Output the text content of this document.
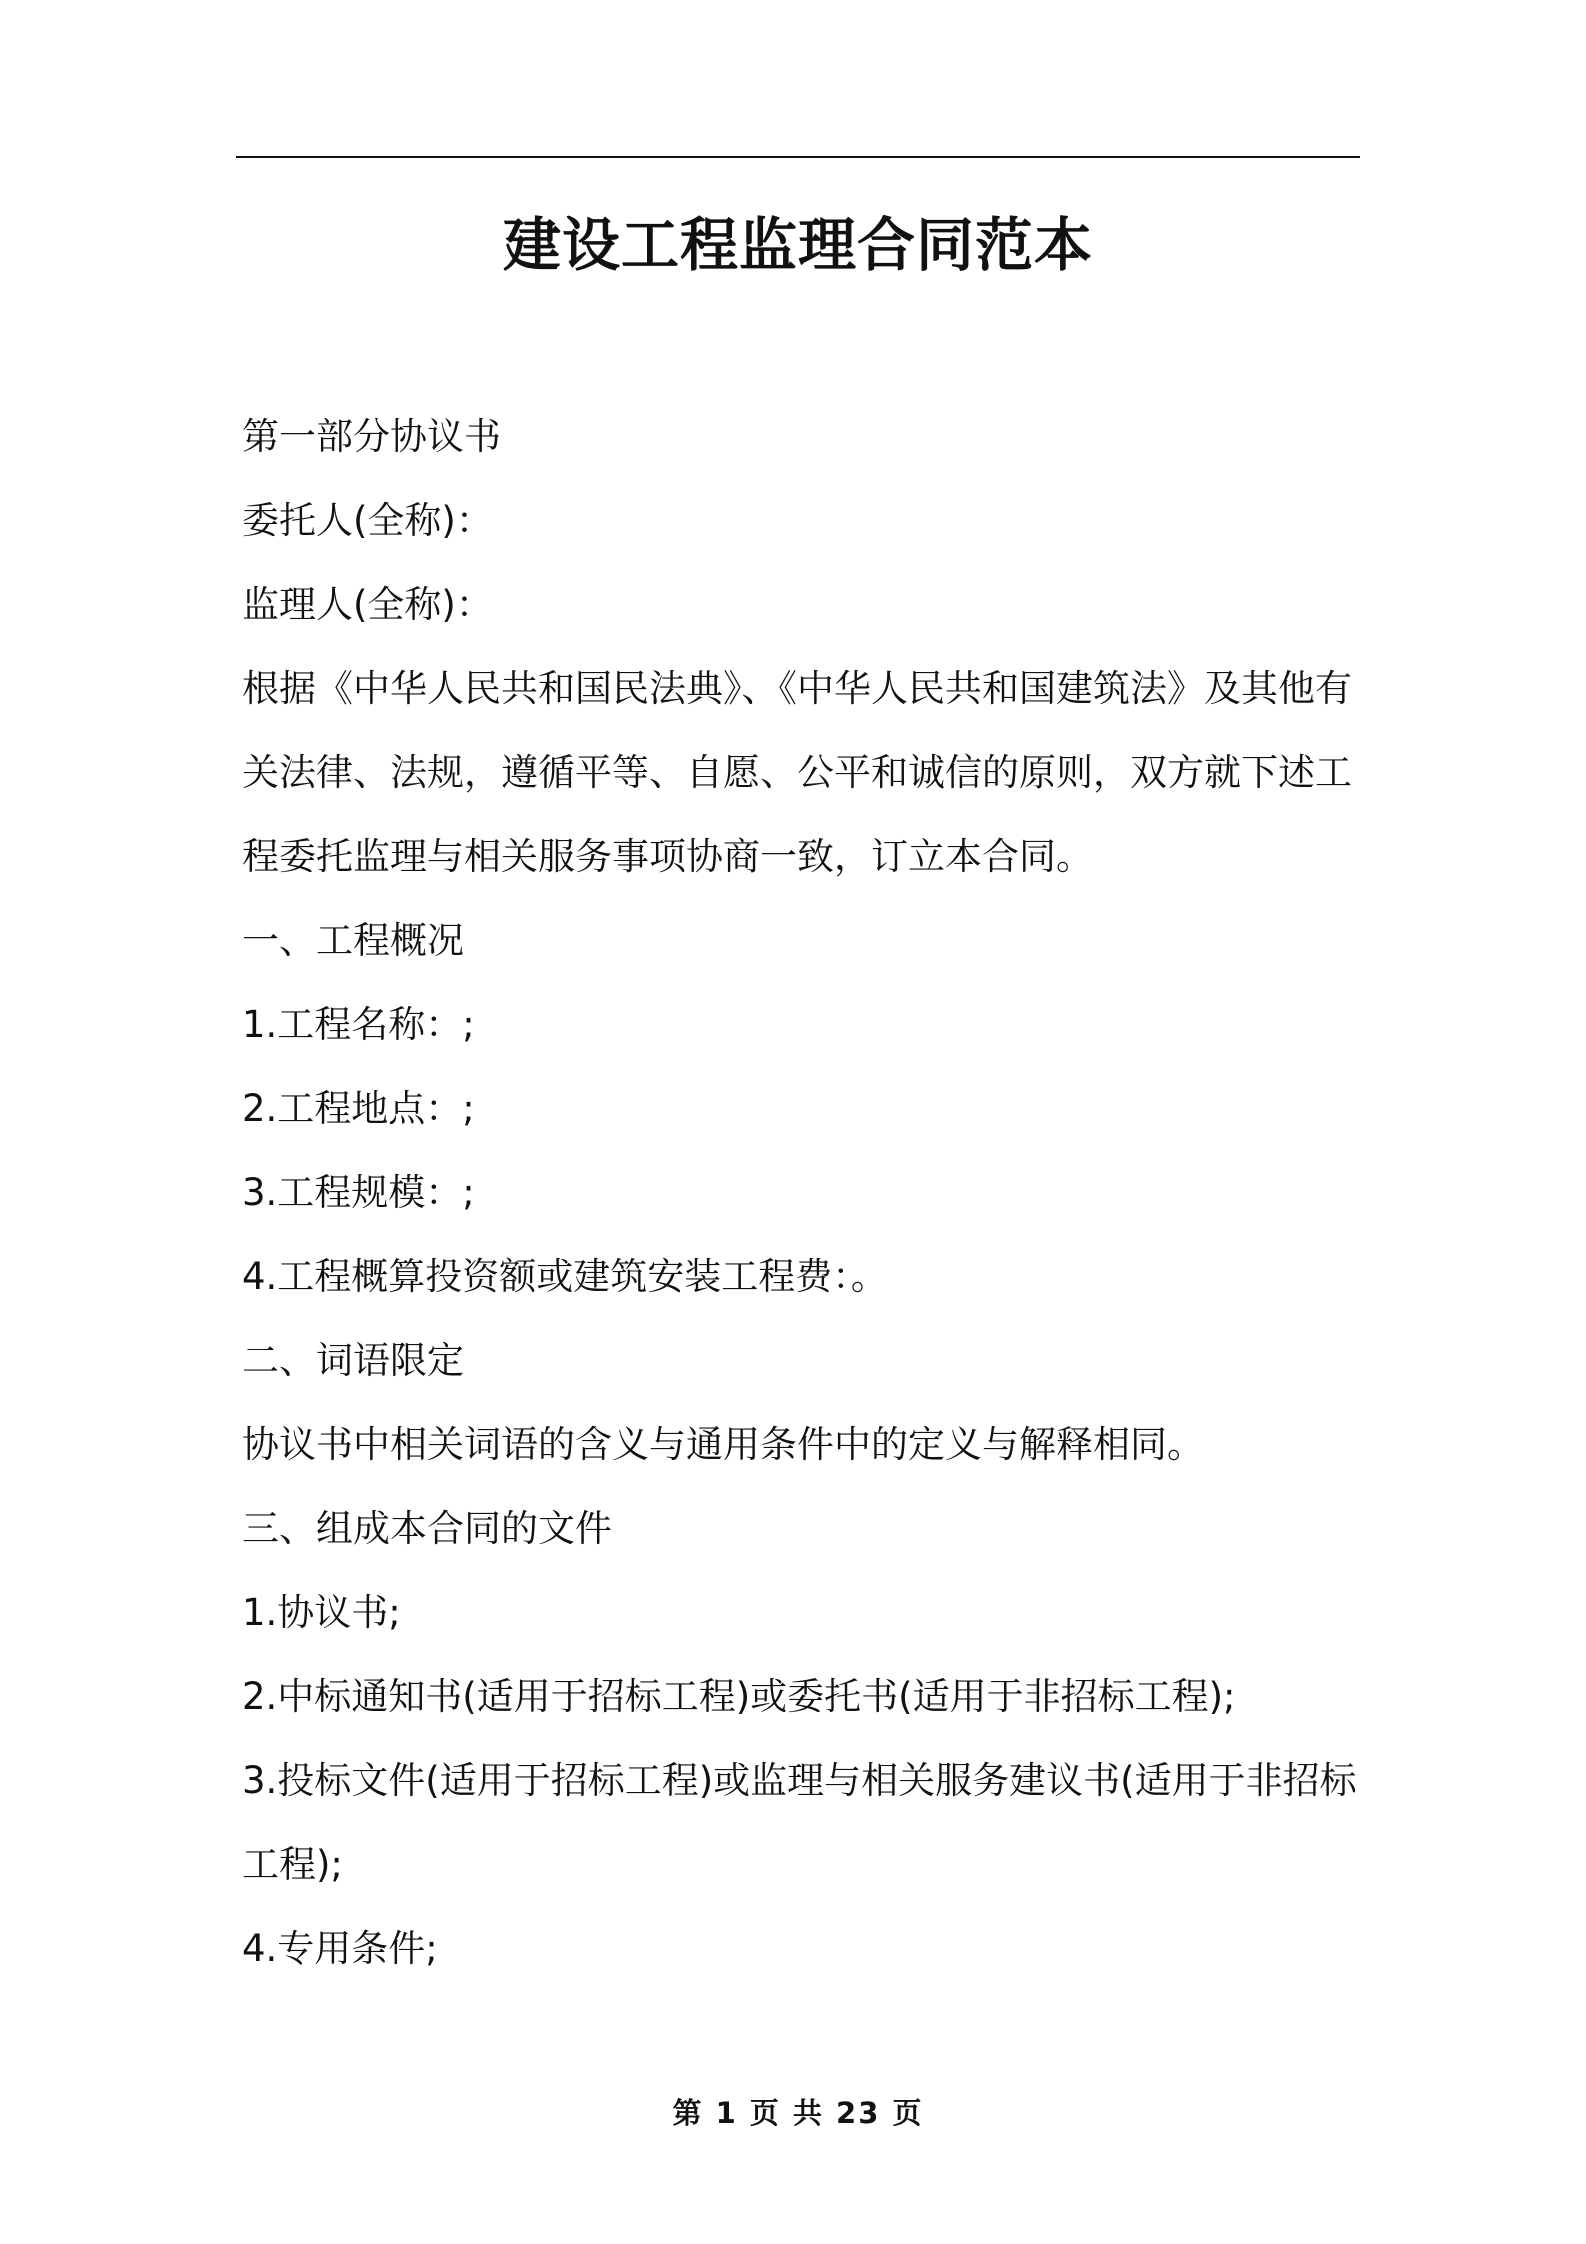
建设工程监理合同范本
第一部分协议书
委托人(全称)：
监理人(全称)：
根据《中华人民共和国民法典》、《中华人民共和国建筑法》及其他有关法律、法规，遵循平等、自愿、公平和诚信的原则，双方就下述工程委托监理与相关服务事项协商一致，订立本合同。
一、工程概况
1.工程名称：;
2.工程地点：;
3.工程规模：;
4.工程概算投资额或建筑安装工程费：。
二、词语限定
协议书中相关词语的含义与通用条件中的定义与解释相同。
三、组成本合同的文件
1.协议书;
2.中标通知书(适用于招标工程)或委托书(适用于非招标工程);
3.投标文件(适用于招标工程)或监理与相关服务建议书(适用于非招标工程);
4.专用条件;
第 1 页 共 23 页
